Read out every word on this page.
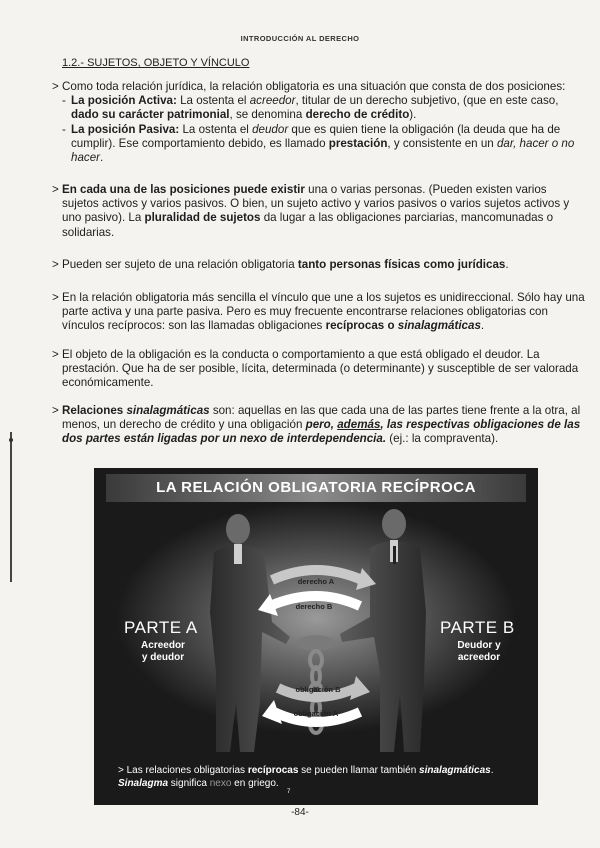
INTRODUCCIÓN AL DERECHO
1.2.- SUJETOS, OBJETO Y VÍNCULO
> Como toda relación jurídica, la relación obligatoria es una situación que consta de dos posiciones:
- La posición Activa: La ostenta el acreedor, titular de un derecho subjetivo, (que en este caso, dado su carácter patrimonial, se denomina derecho de crédito).
- La posición Pasiva: La ostenta el deudor que es quien tiene la obligación (la deuda que ha de cumplir). Ese comportamiento debido, es llamado prestación, y consistente en un dar, hacer o no hacer.
> En cada una de las posiciones puede existir una o varias personas. (Pueden existen varios sujetos activos y varios pasivos. O bien, un sujeto activo y varios pasivos o varios sujetos activos y uno pasivo). La pluralidad de sujetos da lugar a las obligaciones parciarias, mancomunadas o solidarias.
> Pueden ser sujeto de una relación obligatoria tanto personas físicas como jurídicas.
> En la relación obligatoria más sencilla el vínculo que une a los sujetos es unidireccional. Sólo hay una parte activa y una parte pasiva. Pero es muy frecuente encontrarse relaciones obligatorias con vínculos recíprocos: son las llamadas obligaciones recíprocas o sinalagmáticas.
> El objeto de la obligación es la conducta o comportamiento a que está obligado el deudor. La prestación. Que ha de ser posible, lícita, determinada (o determinante) y susceptible de ser valorada económicamente.
> Relaciones sinalagmáticas son: aquellas en las que cada una de las partes tiene frente a la otra, al menos, un derecho de crédito y una obligación pero, además, las respectivas obligaciones de las dos partes están ligadas por un nexo de interdependencia. (ej.: la compraventa).
LA RELACIÓN OBLIGATORIA RECÍPROCA
derecho A
derecho B
obligación B
obligación A
PARTE A
Acreedor
y deudor
PARTE B
Deudor y
acreedor
> Las relaciones obligatorias recíprocas se pueden llamar también sinalagmáticas.
Sinalagma significa nexo en griego.
7
-84-
